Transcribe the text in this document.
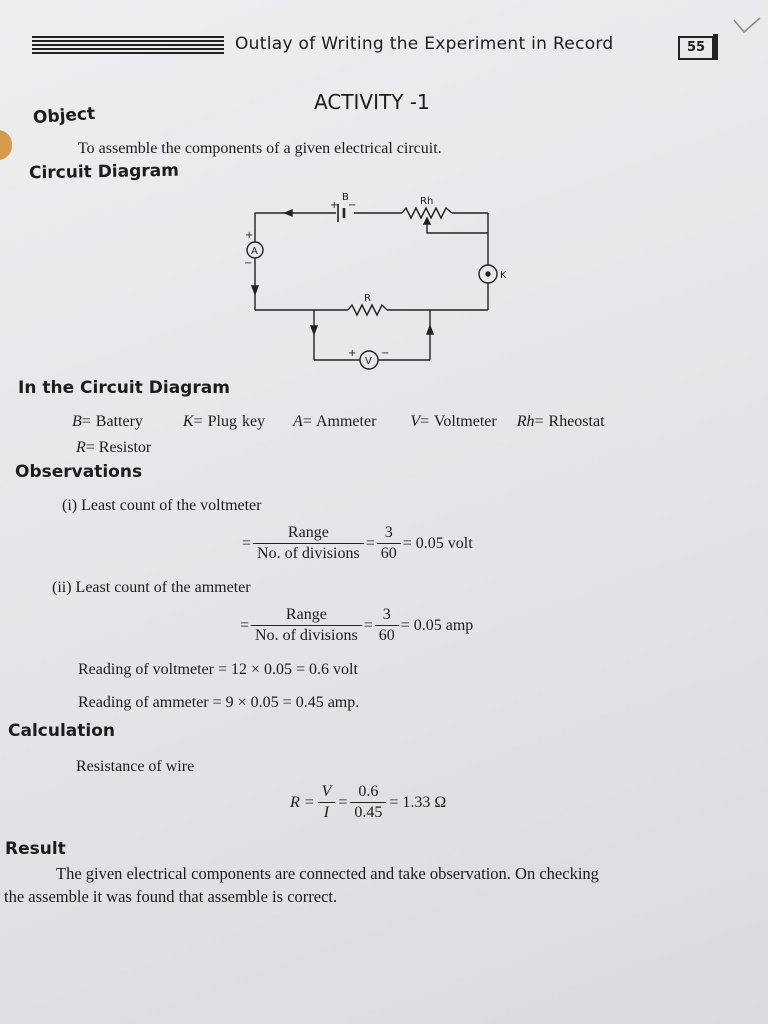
Outlay of Writing the Experiment in Record	55
ACTIVITY -1
Object
To assemble the components of a given electrical circuit.
Circuit Diagram
B
+ −	Rh
A
+
−
K
R
V
+ −
In the Circuit Diagram
B= Battery	K= Plug key A= Ammeter V= Voltmeter Rh= Rheostat
R= Resistor
Observations
(i) Least count of the voltmeter
= $\frac{\text{Range}}{\text{No. of divisions}} = \frac{3}{60} = 0.05$ volt
(ii) Least count of the ammeter
= $\frac{\text{Range}}{\text{No. of divisions}} = \frac{3}{60} = 0.05$ amp
Reading of voltmeter = 12 × 0.05 = 0.6 volt
Reading of ammeter = 9 × 0.05 = 0.45 amp.
Calculation
Resistance of wire
$R = \frac{V}{I} = \frac{0.6}{0.45} = 1.33$ Ω
Result
The given electrical components are connected and take observation. On checking
the assemble it was found that assemble is correct.
